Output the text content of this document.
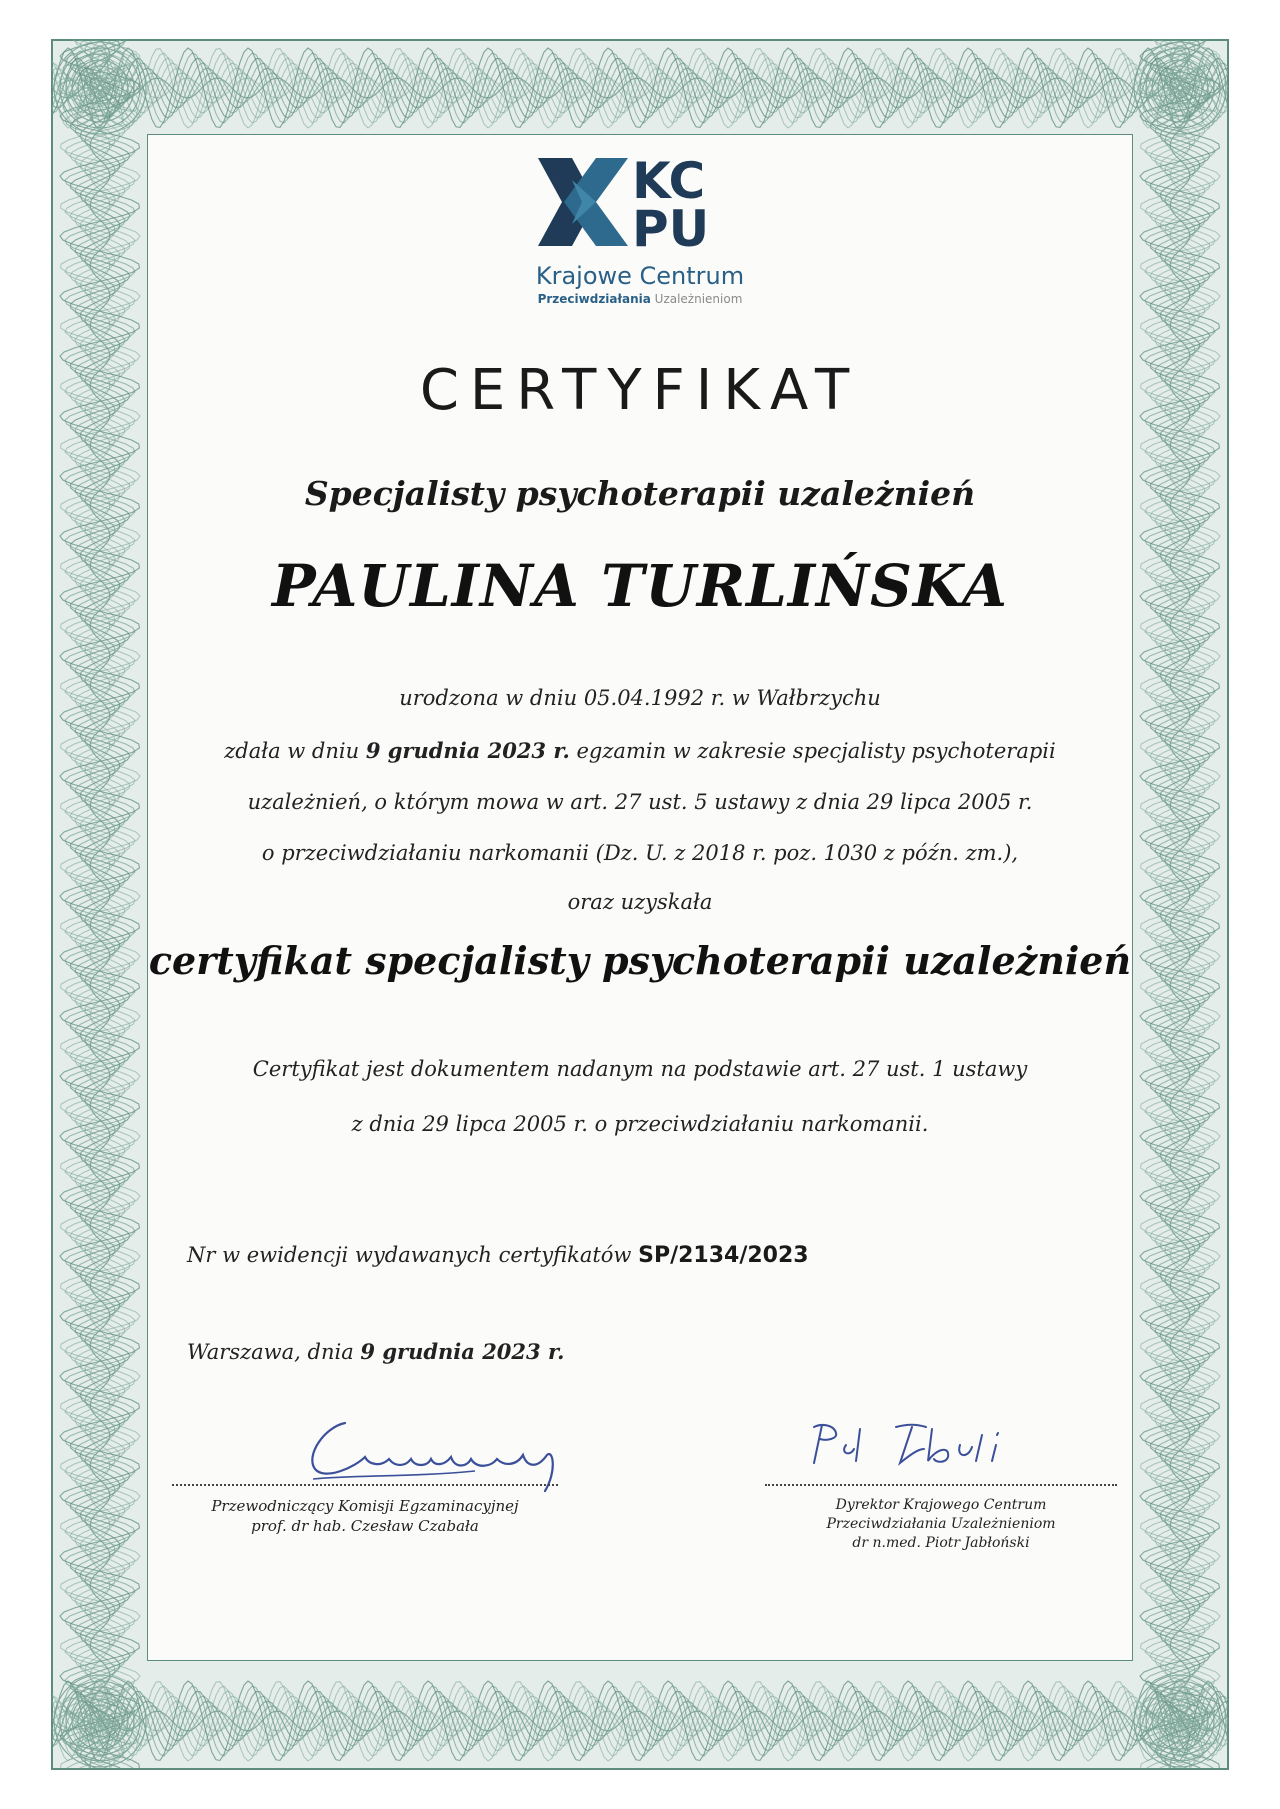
KC
PU
Krajowe Centrum
Przeciwdziałania Uzależnieniom
CERTYFIKAT
Specjalisty psychoterapii uzależnień
PAULINA TURLIŃSKA
urodzona w dniu 05.04.1992 r. w Wałbrzychu
zdała w dniu 9 grudnia 2023 r. egzamin w zakresie specjalisty psychoterapii
uzależnień, o którym mowa w art. 27 ust. 5 ustawy z dnia 29 lipca 2005 r.
o przeciwdziałaniu narkomanii (Dz. U. z 2018 r. poz. 1030 z późn. zm.),
oraz uzyskała
certyfikat specjalisty psychoterapii uzależnień
Certyfikat jest dokumentem nadanym na podstawie art. 27 ust. 1 ustawy
z dnia 29 lipca 2005 r. o przeciwdziałaniu narkomanii.
Nr w ewidencji wydawanych certyfikatów SP/2134/2023
Warszawa, dnia 9 grudnia 2023 r.
Przewodniczący Komisji Egzaminacyjnej
prof. dr hab. Czesław Czabała
Dyrektor Krajowego Centrum
Przeciwdziałania Uzależnieniom
dr n.med. Piotr Jabłoński
